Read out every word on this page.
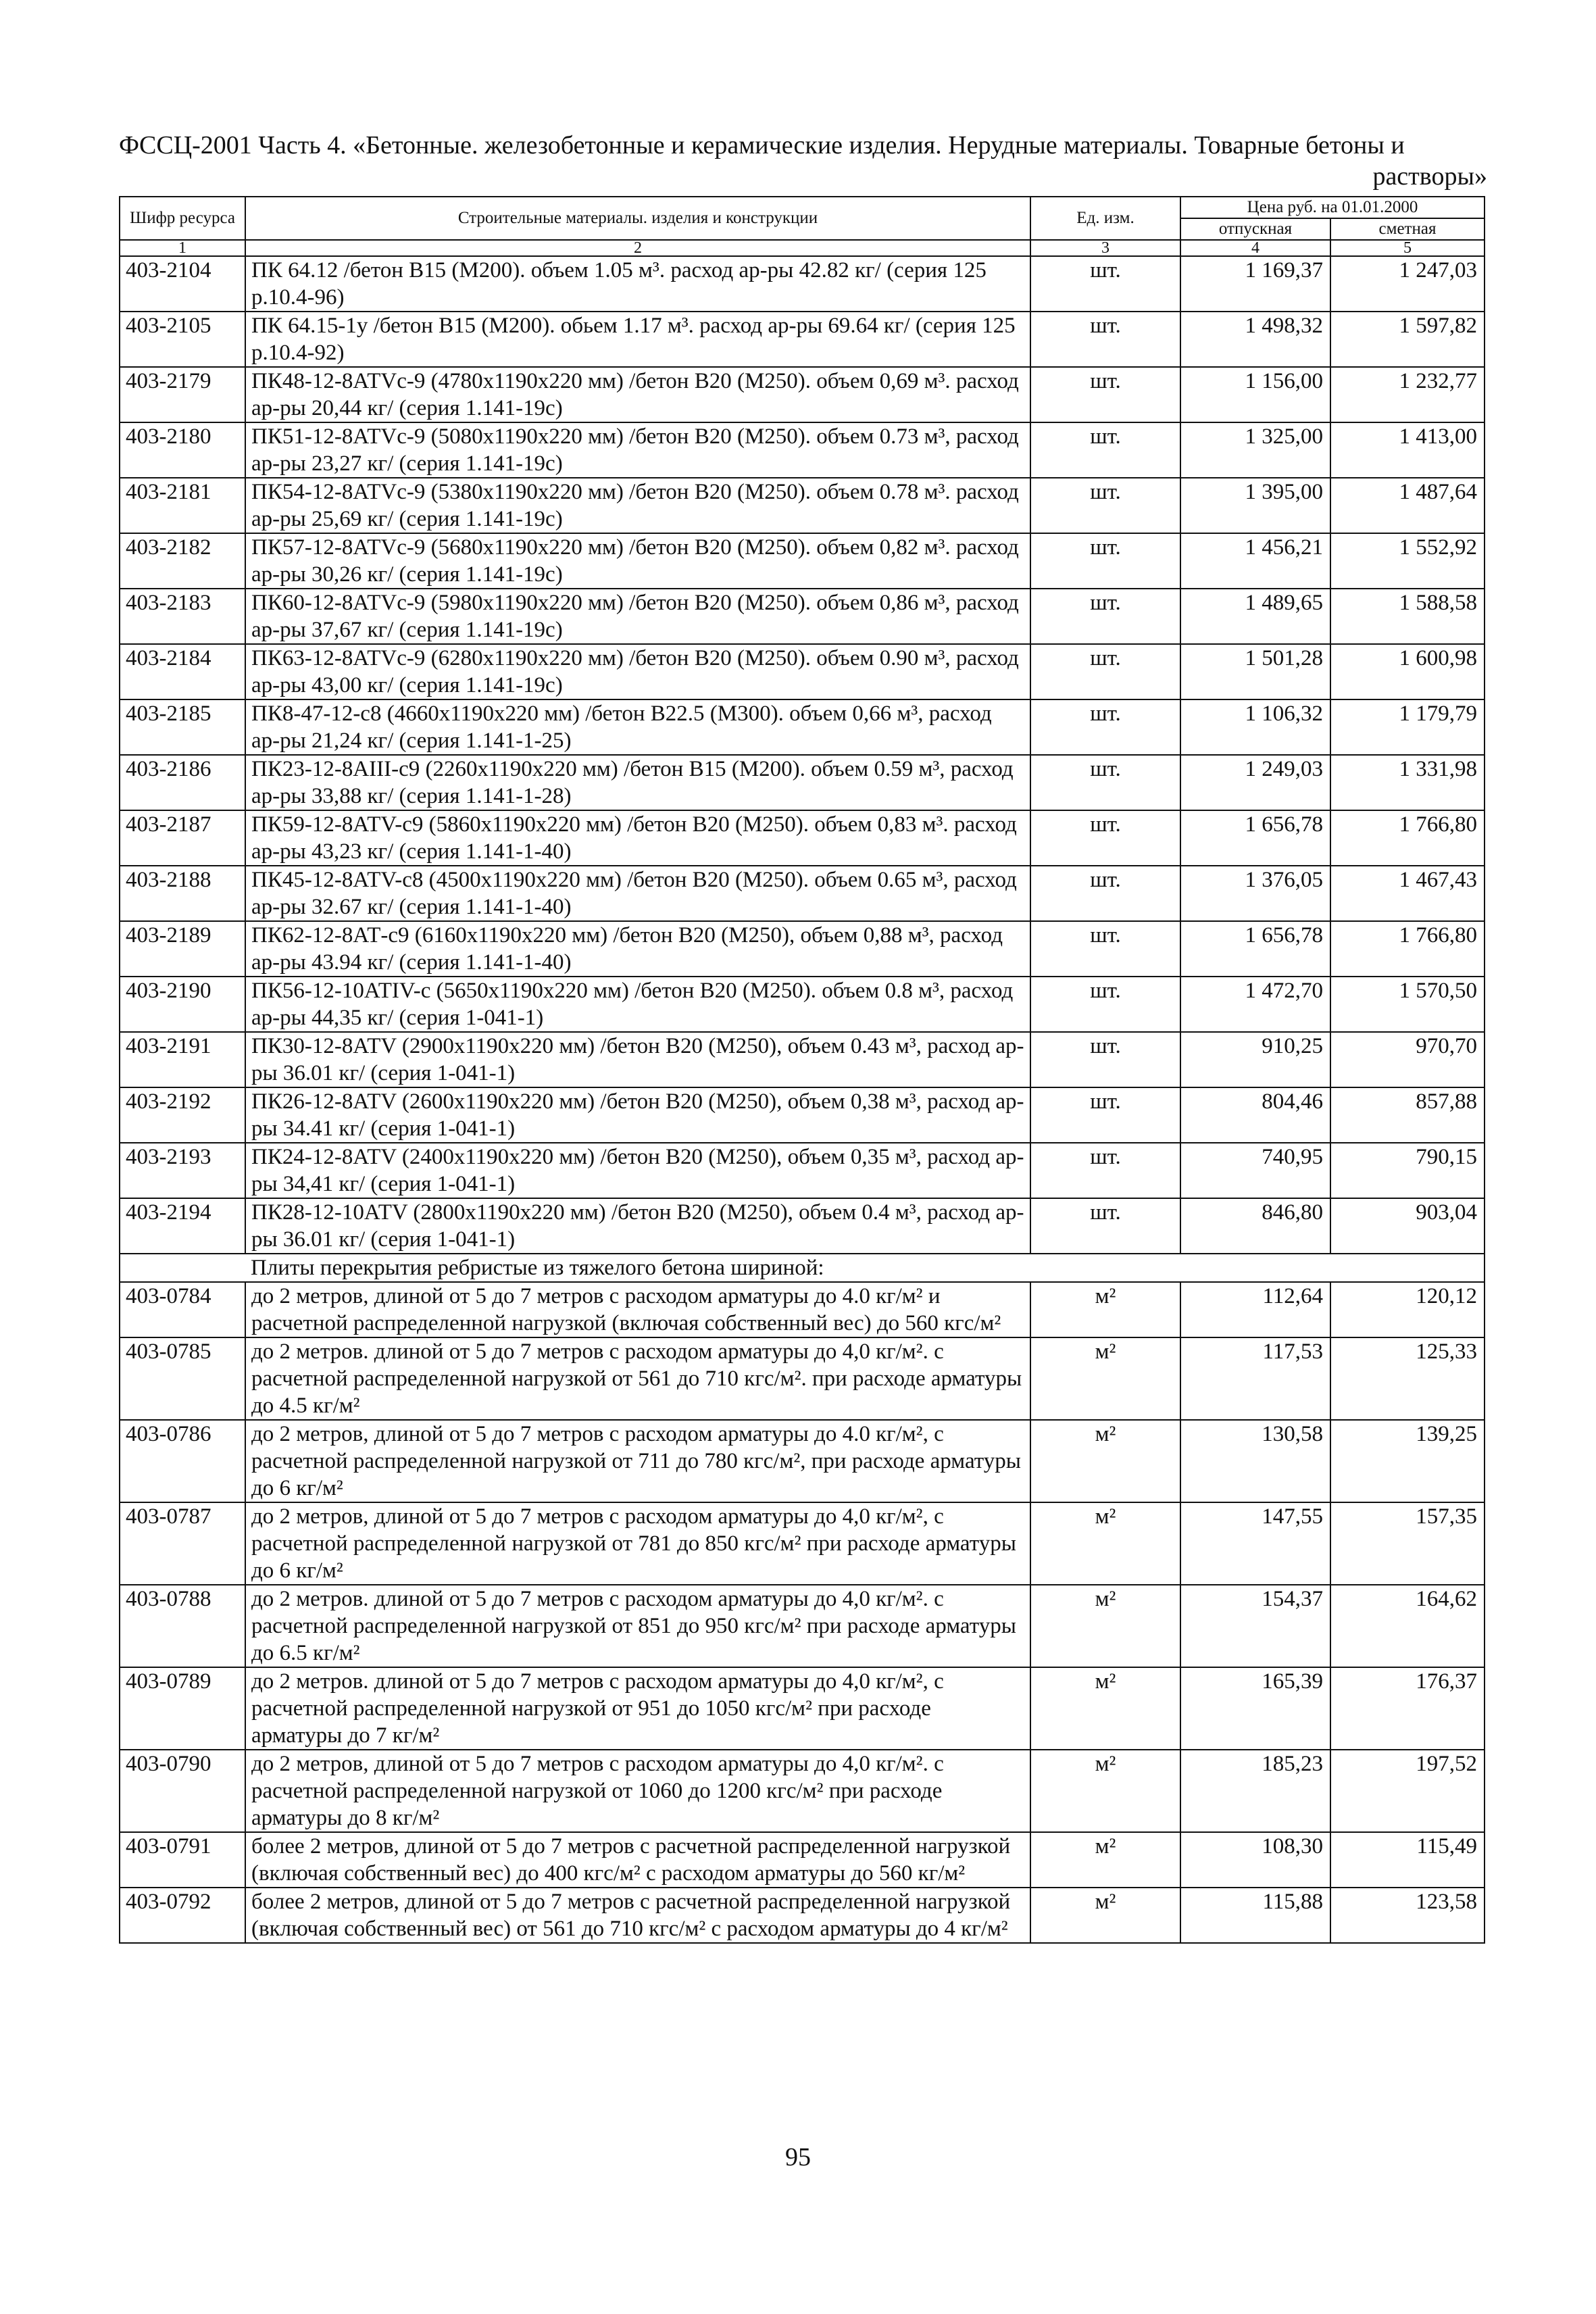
ФССЦ-2001 Часть 4. «Бетонные. железобетонные и керамические изделия. Нерудные материалы. Товарные бетоны и
растворы»
Шифр ресурса	Строительные материалы. изделия и конструкции	Ед. изм.	Цена руб. на 01.01.2000	
			отпускная	сметная
1	2	3	4	5
403-2104	ПК 64.12 /бетон В15 (М200). объем 1.05 м³. расход ар-ры 42.82 кг/ (серия 125 р.10.4-96)	шт.	1 169,37	1 247,03
403-2105	ПК 64.15-1у /бетон В15 (М200). обьем 1.17 м³. расход ар-ры 69.64 кг/ (серия 125 р.10.4-92)	шт.	1 498,32	1 597,82
403-2179	ПК48-12-8АТVс-9 (4780х1190х220 мм) /бетон В20 (М250). объем 0,69 м³. расход ар-ры 20,44 кг/ (серия 1.141-19с)	шт.	1 156,00	1 232,77
403-2180	ПК51-12-8АТVс-9 (5080х1190х220 мм) /бетон В20 (М250). объем 0.73 м³, расход ар-ры 23,27 кг/ (серия 1.141-19с)	шт.	1 325,00	1 413,00
403-2181	ПК54-12-8АТVс-9 (5380х1190х220 мм) /бетон В20 (М250). объем 0.78 м³. расход ар-ры 25,69 кг/ (серия 1.141-19с)	шт.	1 395,00	1 487,64
403-2182	ПК57-12-8АТVс-9 (5680х1190х220 мм) /бетон В20 (М250). объем 0,82 м³. расход ар-ры 30,26 кг/ (серия 1.141-19с)	шт.	1 456,21	1 552,92
403-2183	ПК60-12-8АТVс-9 (5980х1190х220 мм) /бетон В20 (М250). объем 0,86 м³, расход ар-ры 37,67 кг/ (серия 1.141-19с)	шт.	1 489,65	1 588,58
403-2184	ПК63-12-8АТVс-9 (6280х1190х220 мм) /бетон В20 (М250). объем 0.90 м³, расход ар-ры 43,00 кг/ (серия 1.141-19с)	шт.	1 501,28	1 600,98
403-2185	ПК8-47-12-с8 (4660х1190х220 мм) /бетон В22.5 (М300). объем 0,66 м³, расход ар-ры 21,24 кг/ (серия 1.141-1-25)	шт.	1 106,32	1 179,79
403-2186	ПК23-12-8АIII-с9 (2260х1190х220 мм) /бетон В15 (М200). объем 0.59 м³, расход ар-ры 33,88 кг/ (серия 1.141-1-28)	шт.	1 249,03	1 331,98
403-2187	ПК59-12-8АТV-с9 (5860х1190х220 мм) /бетон В20 (М250). объем 0,83 м³. расход ар-ры 43,23 кг/ (серия 1.141-1-40)	шт.	1 656,78	1 766,80
403-2188	ПК45-12-8АТV-с8 (4500х1190х220 мм) /бетон В20 (М250). объем 0.65 м³, расход ар-ры 32.67 кг/ (серия 1.141-1-40)	шт.	1 376,05	1 467,43
403-2189	ПК62-12-8АТ-с9 (6160х1190х220 мм) /бетон В20 (М250), объем 0,88 м³, расход ар-ры 43.94 кг/ (серия 1.141-1-40)	шт.	1 656,78	1 766,80
403-2190	ПК56-12-10АТIV-с (5650х1190х220 мм) /бетон В20 (М250). объем 0.8 м³, расход ар-ры 44,35 кг/ (серия 1-041-1)	шт.	1 472,70	1 570,50
403-2191	ПК30-12-8АТV (2900х1190х220 мм) /бетон В20 (М250), объем 0.43 м³, расход ар-ры 36.01 кг/ (серия 1-041-1)	шт.	910,25	970,70
403-2192	ПК26-12-8АТV (2600х1190х220 мм) /бетон В20 (М250), объем 0,38 м³, расход ар-ры 34.41 кг/ (серия 1-041-1)	шт.	804,46	857,88
403-2193	ПК24-12-8АТV (2400х1190х220 мм) /бетон В20 (М250), объем 0,35 м³, расход ар-ры 34,41 кг/ (серия 1-041-1)	шт.	740,95	790,15
403-2194	ПК28-12-10АТV (2800х1190х220 мм) /бетон В20 (М250), объем 0.4 м³, расход ар-ры 36.01 кг/ (серия 1-041-1)	шт.	846,80	903,04
	Плиты перекрытия ребристые из тяжелого бетона шириной:			
403-0784	до 2 метров, длиной от 5 до 7 метров с расходом арматуры до 4.0 кг/м² и расчетной распределенной нагрузкой (включая собственный вес) до 560 кгс/м²	м²	112,64	120,12
403-0785	до 2 метров. длиной от 5 до 7 метров с расходом арматуры до 4,0 кг/м². с расчетной распределенной нагрузкой от 561 до 710 кгс/м². при расходе арматуры до 4.5 кг/м²	м²	117,53	125,33
403-0786	до 2 метров, длиной от 5 до 7 метров с расходом арматуры до 4.0 кг/м², с расчетной распределенной нагрузкой от 711 до 780 кгс/м², при расходе арматуры до 6 кг/м²	м²	130,58	139,25
403-0787	до 2 метров, длиной от 5 до 7 метров с расходом арматуры до 4,0 кг/м², с расчетной распределенной нагрузкой от 781 до 850 кгс/м² при расходе арматуры до 6 кг/м²	м²	147,55	157,35
403-0788	до 2 метров. длиной от 5 до 7 метров с расходом арматуры до 4,0 кг/м². с расчетной распределенной нагрузкой от 851 до 950 кгс/м² при расходе арматуры до 6.5 кг/м²	м²	154,37	164,62
403-0789	до 2 метров. длиной от 5 до 7 метров с расходом арматуры до 4,0 кг/м², с расчетной распределенной нагрузкой от 951 до 1050 кгс/м² при расходе арматуры до 7 кг/м²	м²	165,39	176,37
403-0790	до 2 метров, длиной от 5 до 7 метров с расходом арматуры до 4,0 кг/м². с расчетной распределенной нагрузкой от 1060 до 1200 кгс/м² при расходе арматуры до 8 кг/м²	м²	185,23	197,52
403-0791	более 2 метров, длиной от 5 до 7 метров с расчетной распределенной нагрузкой (включая собственный вес) до 400 кгс/м² с расходом арматуры до 560 кг/м²	м²	108,30	115,49
403-0792	более 2 метров, длиной от 5 до 7 метров с расчетной распределенной нагрузкой (включая собственный вес) от 561 до 710 кгс/м² с расходом арматуры до 4 кг/м²	м²	115,88	123,58
95
